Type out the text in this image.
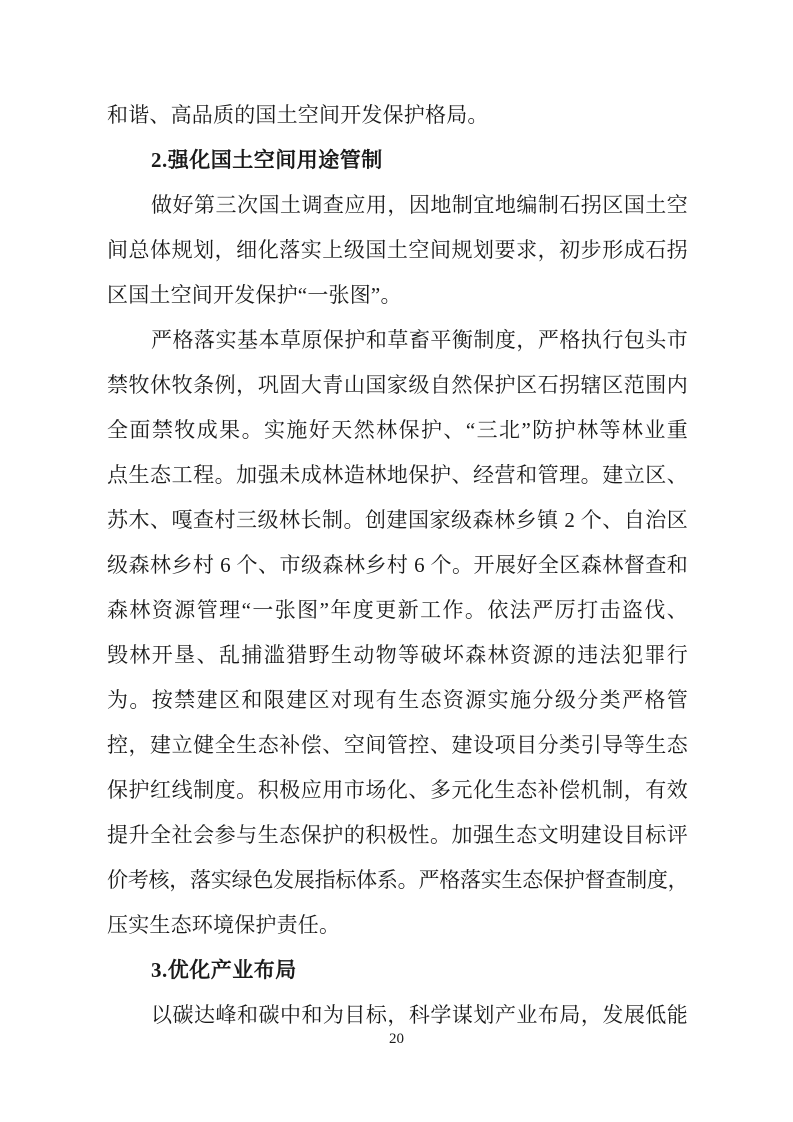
和谐、高品质的国土空间开发保护格局。
2.强化国土空间用途管制
做好第三次国土调查应用，因地制宜地编制石拐区国土空
间总体规划，细化落实上级国土空间规划要求，初步形成石拐
区国土空间开发保护“一张图”。
严格落实基本草原保护和草畜平衡制度，严格执行包头市
禁牧休牧条例，巩固大青山国家级自然保护区石拐辖区范围内
全面禁牧成果。实施好天然林保护、“三北”防护林等林业重
点生态工程。加强未成林造林地保护、经营和管理。建立区、
苏木、嘎查村三级林长制。创建国家级森林乡镇 2 个、自治区
级森林乡村 6 个、市级森林乡村 6 个。开展好全区森林督查和
森林资源管理“一张图”年度更新工作。依法严厉打击盗伐、
毁林开垦、乱捕滥猎野生动物等破坏森林资源的违法犯罪行
为。按禁建区和限建区对现有生态资源实施分级分类严格管
控，建立健全生态补偿、空间管控、建设项目分类引导等生态
保护红线制度。积极应用市场化、多元化生态补偿机制，有效
提升全社会参与生态保护的积极性。加强生态文明建设目标评
价考核，落实绿色发展指标体系。严格落实生态保护督查制度，
压实生态环境保护责任。
3.优化产业布局
以碳达峰和碳中和为目标，科学谋划产业布局，发展低能
20
